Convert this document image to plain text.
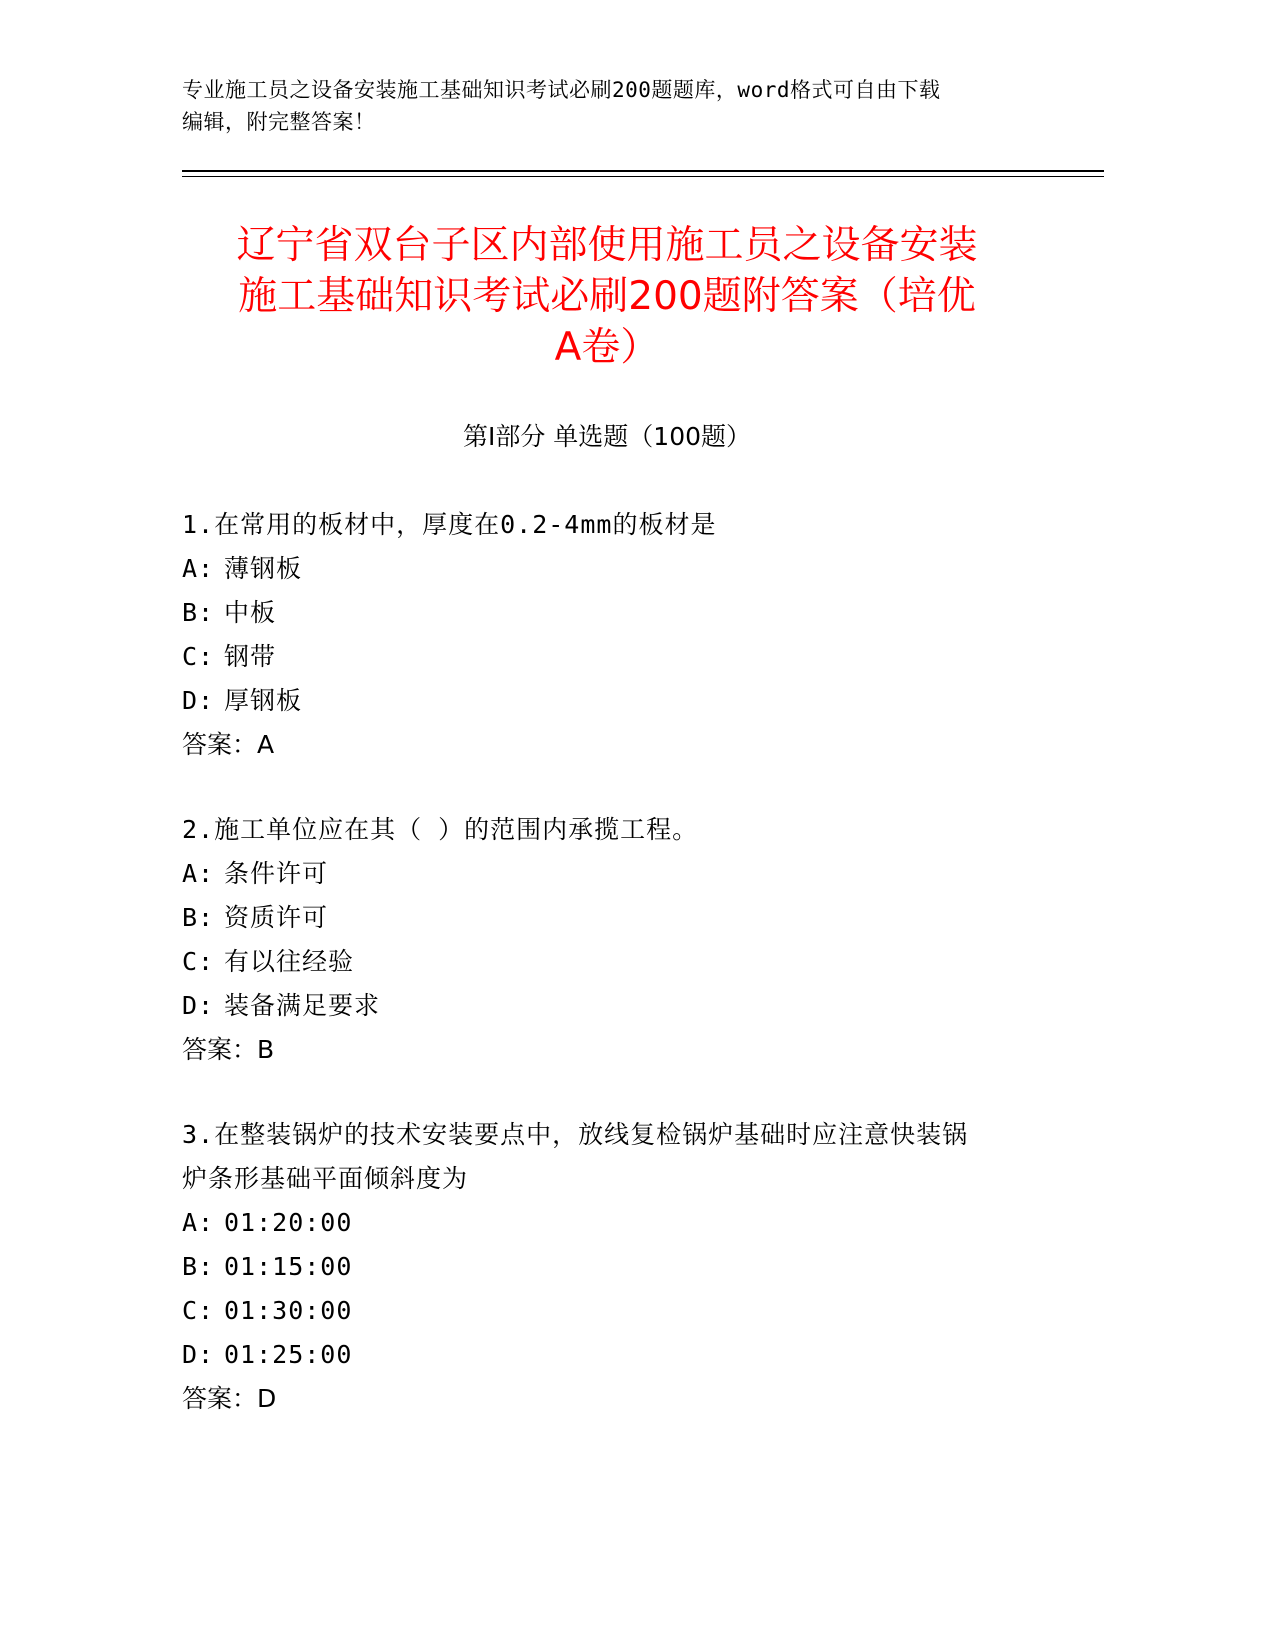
专业施工员之设备安装施工基础知识考试必刷200题题库，word格式可自由下载
编辑，附完整答案！
辽宁省双台子区内部使用施工员之设备安装
施工基础知识考试必刷200题附答案（培优
A卷）
第Ⅰ部分 单选题（100题）
1.在常用的板材中，厚度在0.2-4mm的板材是
A: 薄钢板
B: 中板
C: 钢带
D: 厚钢板
答案：A
2.施工单位应在其（ ）的范围内承揽工程。
A: 条件许可
B: 资质许可
C: 有以往经验
D: 装备满足要求
答案：B
3.在整装锅炉的技术安装要点中，放线复检锅炉基础时应注意快装锅
炉条形基础平面倾斜度为
A: 01:20:00
B: 01:15:00
C: 01:30:00
D: 01:25:00
答案：D
